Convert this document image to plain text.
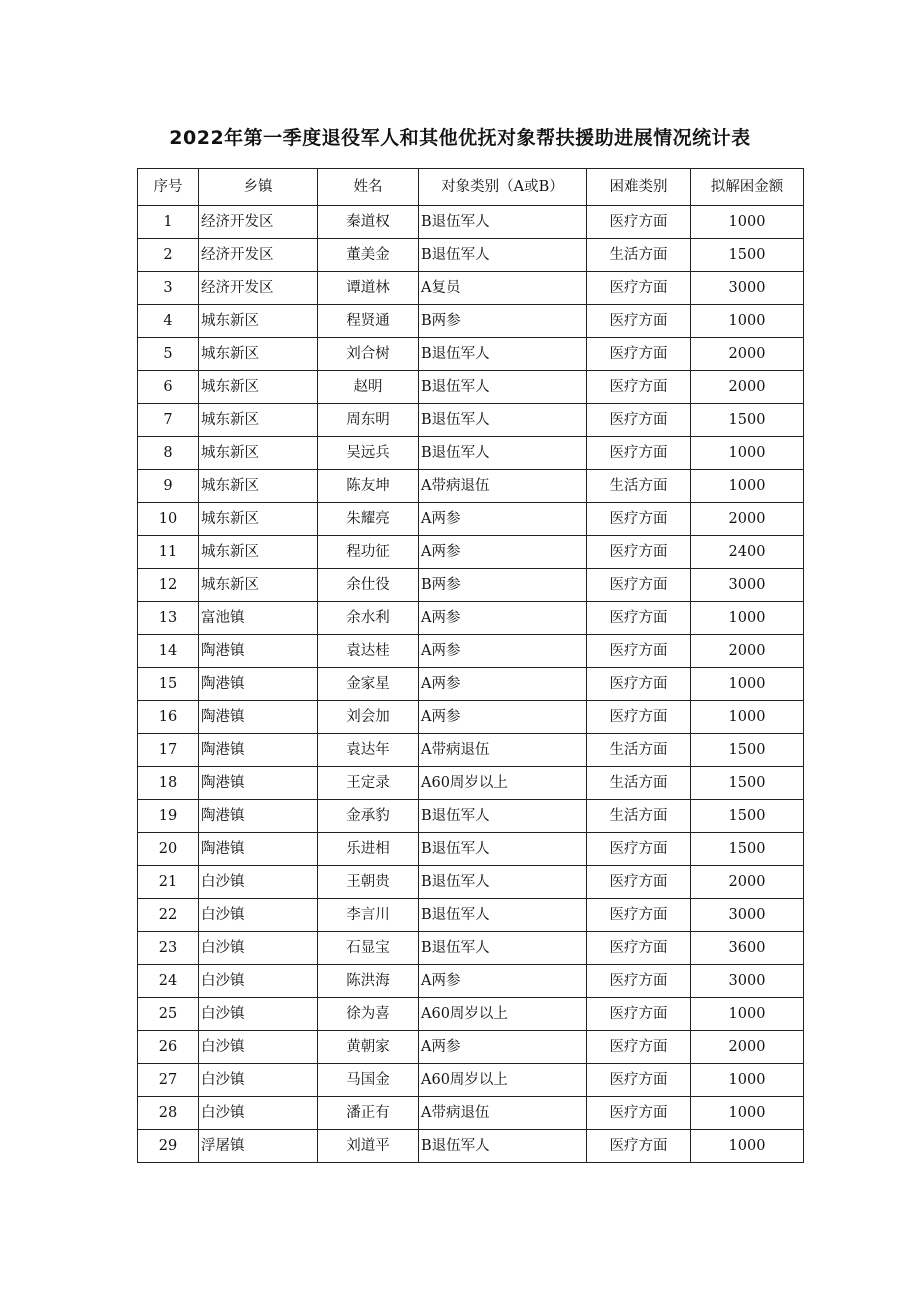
2022年第一季度退役军人和其他优抚对象帮扶援助进展情况统计表
序号	乡镇	姓名	对象类别（A或B）	困难类别	拟解困金额
1	经济开发区	秦道权	B退伍军人	医疗方面	1000
2	经济开发区	董美金	B退伍军人	生活方面	1500
3	经济开发区	谭道林	A复员	医疗方面	3000
4	城东新区	程贤通	B两参	医疗方面	1000
5	城东新区	刘合树	B退伍军人	医疗方面	2000
6	城东新区	赵明	B退伍军人	医疗方面	2000
7	城东新区	周东明	B退伍军人	医疗方面	1500
8	城东新区	吴远兵	B退伍军人	医疗方面	1000
9	城东新区	陈友坤	A带病退伍	生活方面	1000
10	城东新区	朱耀亮	A两参	医疗方面	2000
11	城东新区	程功征	A两参	医疗方面	2400
12	城东新区	余仕役	B两参	医疗方面	3000
13	富池镇	余水利	A两参	医疗方面	1000
14	陶港镇	袁达桂	A两参	医疗方面	2000
15	陶港镇	金家星	A两参	医疗方面	1000
16	陶港镇	刘会加	A两参	医疗方面	1000
17	陶港镇	袁达年	A带病退伍	生活方面	1500
18	陶港镇	王定录	A60周岁以上	生活方面	1500
19	陶港镇	金承豹	B退伍军人	生活方面	1500
20	陶港镇	乐进相	B退伍军人	医疗方面	1500
21	白沙镇	王朝贵	B退伍军人	医疗方面	2000
22	白沙镇	李言川	B退伍军人	医疗方面	3000
23	白沙镇	石显宝	B退伍军人	医疗方面	3600
24	白沙镇	陈洪海	A两参	医疗方面	3000
25	白沙镇	徐为喜	A60周岁以上	医疗方面	1000
26	白沙镇	黄朝家	A两参	医疗方面	2000
27	白沙镇	马国金	A60周岁以上	医疗方面	1000
28	白沙镇	潘正有	A带病退伍	医疗方面	1000
29	浮屠镇	刘道平	B退伍军人	医疗方面	1000
